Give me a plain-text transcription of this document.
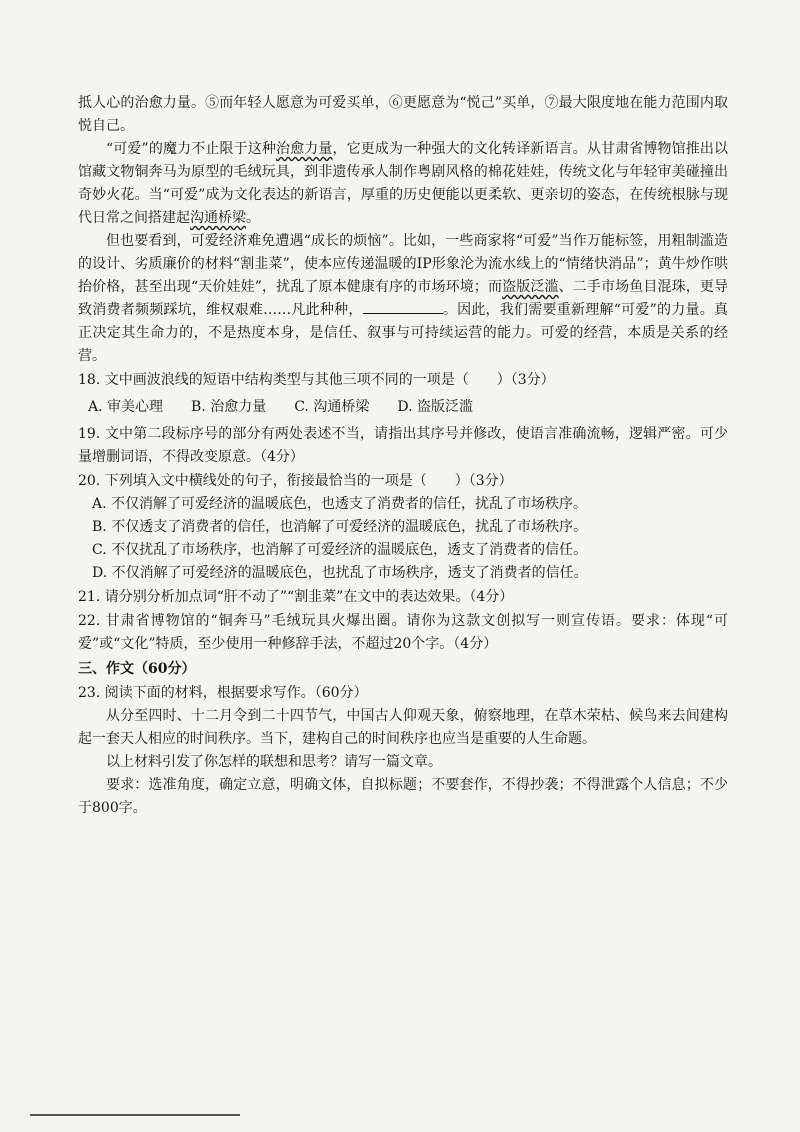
抵人心的治愈力量。⑤而年轻人愿意为可爱买单，⑥更愿意为“悦己”买单，⑦最大限度地在能力范围内取悦自己。

“可爱”的魔力不止限于这种治愈力量，它更成为一种强大的文化转译新语言。从甘肃省博物馆推出以馆藏文物铜奔马为原型的毛绒玩具，到非遗传承人制作粤剧风格的棉花娃娃，传统文化与年轻审美碰撞出奇妙火花。当“可爱”成为文化表达的新语言，厚重的历史便能以更柔软、更亲切的姿态，在传统根脉与现代日常之间搭建起沟通桥梁。

但也要看到，可爱经济难免遭遇“成长的烦恼”。比如，一些商家将“可爱”当作万能标签，用粗制滥造的设计、劣质廉价的材料“割韭菜”，使本应传递温暖的IP形象沦为流水线上的“情绪快消品”；黄牛炒作哄抬价格，甚至出现“天价娃娃”，扰乱了原本健康有序的市场环境；而盗版泛滥、二手市场鱼目混珠，更导致消费者频频踩坑，维权艰难……凡此种种，	。因此，我们需要重新理解“可爱”的力量。真正决定其生命力的，不是热度本身，是信任、叙事与可持续运营的能力。可爱的经营，本质是关系的经营。

18. 文中画波浪线的短语中结构类型与其他三项不同的一项是（　　）（3分）

A. 审美心理 B. 治愈力量 C. 沟通桥梁 D. 盗版泛滥

19. 文中第二段标序号的部分有两处表述不当，请指出其序号并修改，使语言准确流畅，逻辑严密。可少量增删词语，不得改变原意。（4分）

20. 下列填入文中横线处的句子，衔接最恰当的一项是（　　）（3分）

A. 不仅消解了可爱经济的温暖底色，也透支了消费者的信任，扰乱了市场秩序。

B. 不仅透支了消费者的信任，也消解了可爱经济的温暖底色，扰乱了市场秩序。

C. 不仅扰乱了市场秩序，也消解了可爱经济的温暖底色，透支了消费者的信任。

D. 不仅消解了可爱经济的温暖底色，也扰乱了市场秩序，透支了消费者的信任。

21. 请分别分析加点词“肝不动了”“割韭菜”在文中的表达效果。（4分）

22. 甘肃省博物馆的“铜奔马”毛绒玩具火爆出圈。请你为这款文创拟写一则宣传语。要求：体现“可爱”或“文化”特质，至少使用一种修辞手法，不超过20个字。（4分）

三、作文（60分）

23. 阅读下面的材料，根据要求写作。（60分）

从分至四时、十二月令到二十四节气，中国古人仰观天象，俯察地理，在草木荣枯、候鸟来去间建构起一套天人相应的时间秩序。当下，建构自己的时间秩序也应当是重要的人生命题。

以上材料引发了你怎样的联想和思考？请写一篇文章。

要求：选准角度，确定立意，明确文体，自拟标题；不要套作，不得抄袭；不得泄露个人信息；不少于800字。
